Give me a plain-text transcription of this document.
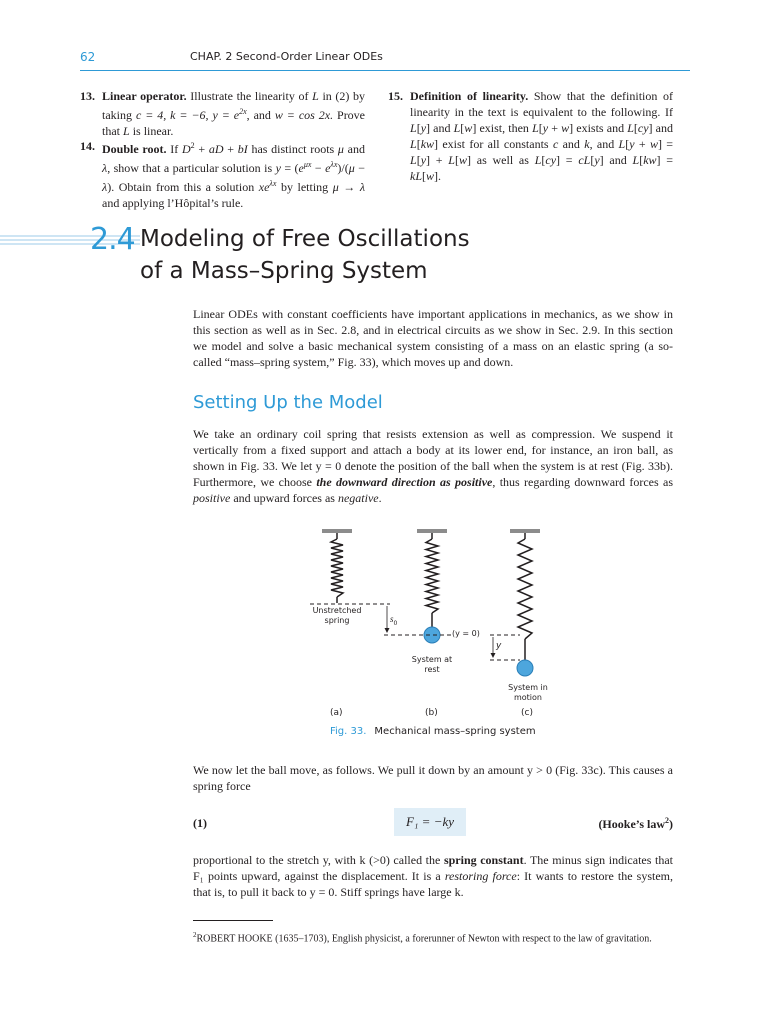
62	CHAP. 2 Second-Order Linear ODEs
13. Linear operator. Illustrate the linearity of L in (2) by taking c = 4, k = −6, $y = e^{2x}$, and w = cos 2x. Prove that L is linear.
14. Double root. If $D^2$ + aD + bI has distinct roots μ and λ, show that a particular solution is $y = (e^{\mu x} - e^{\lambda x})/(\mu - \lambda)$. Obtain from this a solution $xe^{\lambda x}$ by letting μ → λ and applying l’Hôpital’s rule.
15. Definition of linearity. Show that the definition of linearity in the text is equivalent to the following. If L[y] and L[w] exist, then L[y + w] exists and L[cy] and L[kw] exist for all constants c and k, and L[y + w] = L[y] + L[w] as well as L[cy] = cL[y] and L[kw] = kL[w].
2.4 Modeling of Free Oscillations
of a Mass–Spring System
Linear ODEs with constant coefficients have important applications in mechanics, as we show in this section as well as in Sec. 2.8, and in electrical circuits as we show in Sec. 2.9. In this section we model and solve a basic mechanical system consisting of a mass on an elastic spring (a so-called “mass–spring system,” Fig. 33), which moves up and down.
Setting Up the Model
We take an ordinary coil spring that resists extension as well as compression. We suspend it vertically from a fixed support and attach a body at its lower end, for instance, an iron ball, as shown in Fig. 33. We let y = 0 denote the position of the ball when the system is at rest (Fig. 33b). Furthermore, we choose the downward direction as positive, thus regarding downward forces as positive and upward forces as negative.
Unstretched spring	$s_0$
(y = 0)
y
System at rest
System in motion
(a)	(b)	(c)
Fig. 33. Mechanical mass–spring system
We now let the ball move, as follows. We pull it down by an amount y > 0 (Fig. 33c). This causes a spring force
(1)	F₁ = −ky	(Hooke’s law$^2$)
proportional to the stretch y, with k (>0) called the spring constant. The minus sign indicates that F₁ points upward, against the displacement. It is a restoring force: It wants to restore the system, that is, to pull it back to y = 0. Stiff springs have large k.
$^2$ROBERT HOOKE (1635–1703), English physicist, a forerunner of Newton with respect to the law of gravitation.
